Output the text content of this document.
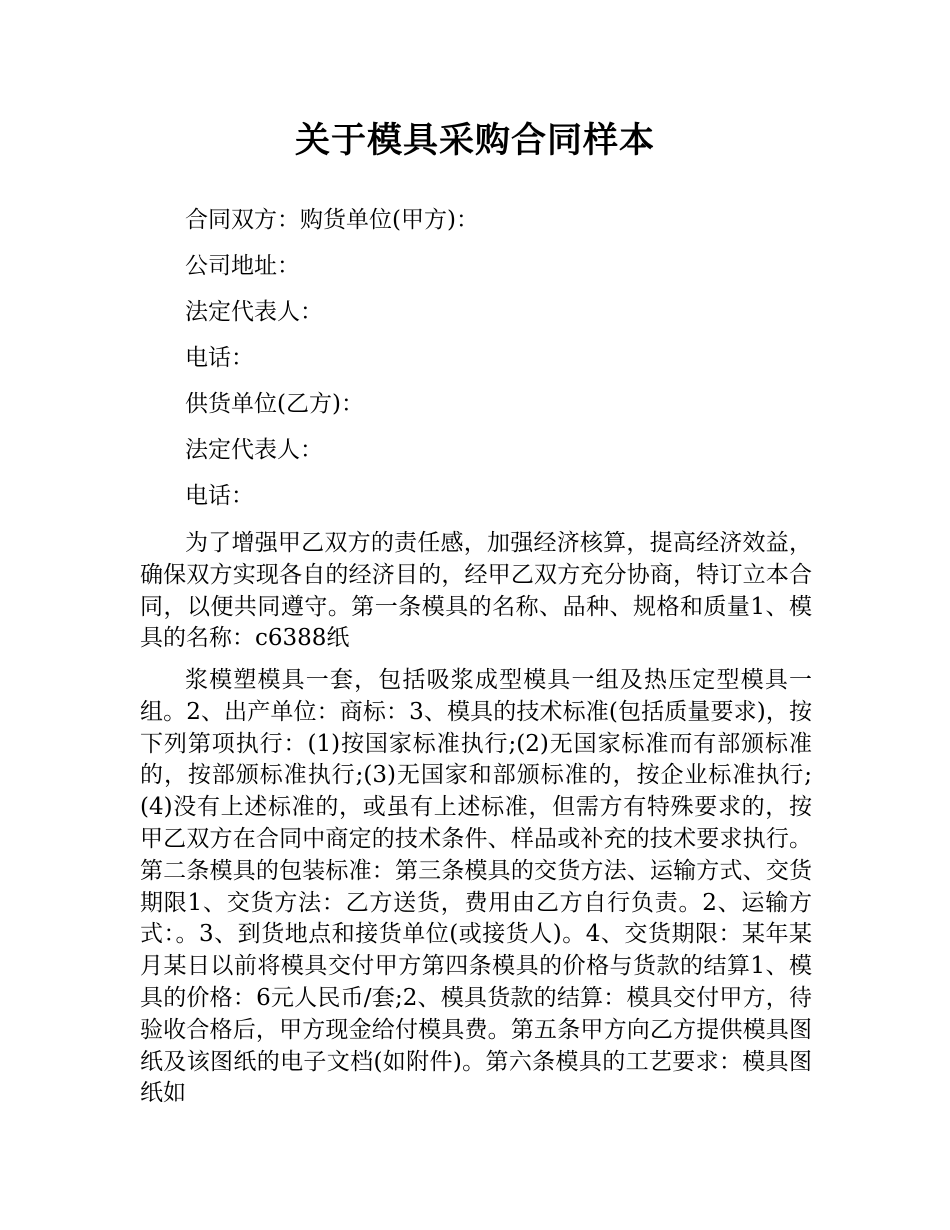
关于模具采购合同样本

合同双方：购货单位(甲方)：

公司地址：

法定代表人：

电话：

供货单位(乙方)：

法定代表人：

电话：

为了增强甲乙双方的责任感，加强经济核算，提高经济效益，确保双方实现各自的经济目的，经甲乙双方充分协商，特订立本合同，以便共同遵守。第一条模具的名称、品种、规格和质量1、模具的名称：c6388纸

浆模塑模具一套，包括吸浆成型模具一组及热压定型模具一组。2、出产单位：商标：3、模具的技术标准(包括质量要求)，按下列第项执行：(1)按国家标准执行;(2)无国家标准而有部颁标准的，按部颁标准执行;(3)无国家和部颁标准的，按企业标准执行;(4)没有上述标准的，或虽有上述标准，但需方有特殊要求的，按甲乙双方在合同中商定的技术条件、样品或补充的技术要求执行。第二条模具的包装标准：第三条模具的交货方法、运输方式、交货期限1、交货方法：乙方送货，费用由乙方自行负责。2、运输方式：。3、到货地点和接货单位(或接货人)。4、交货期限：某年某月某日以前将模具交付甲方第四条模具的价格与货款的结算1、模具的价格：6元人民币/套;2、模具货款的结算：模具交付甲方，待验收合格后，甲方现金给付模具费。第五条甲方向乙方提供模具图纸及该图纸的电子文档(如附件)。第六条模具的工艺要求：模具图纸如
